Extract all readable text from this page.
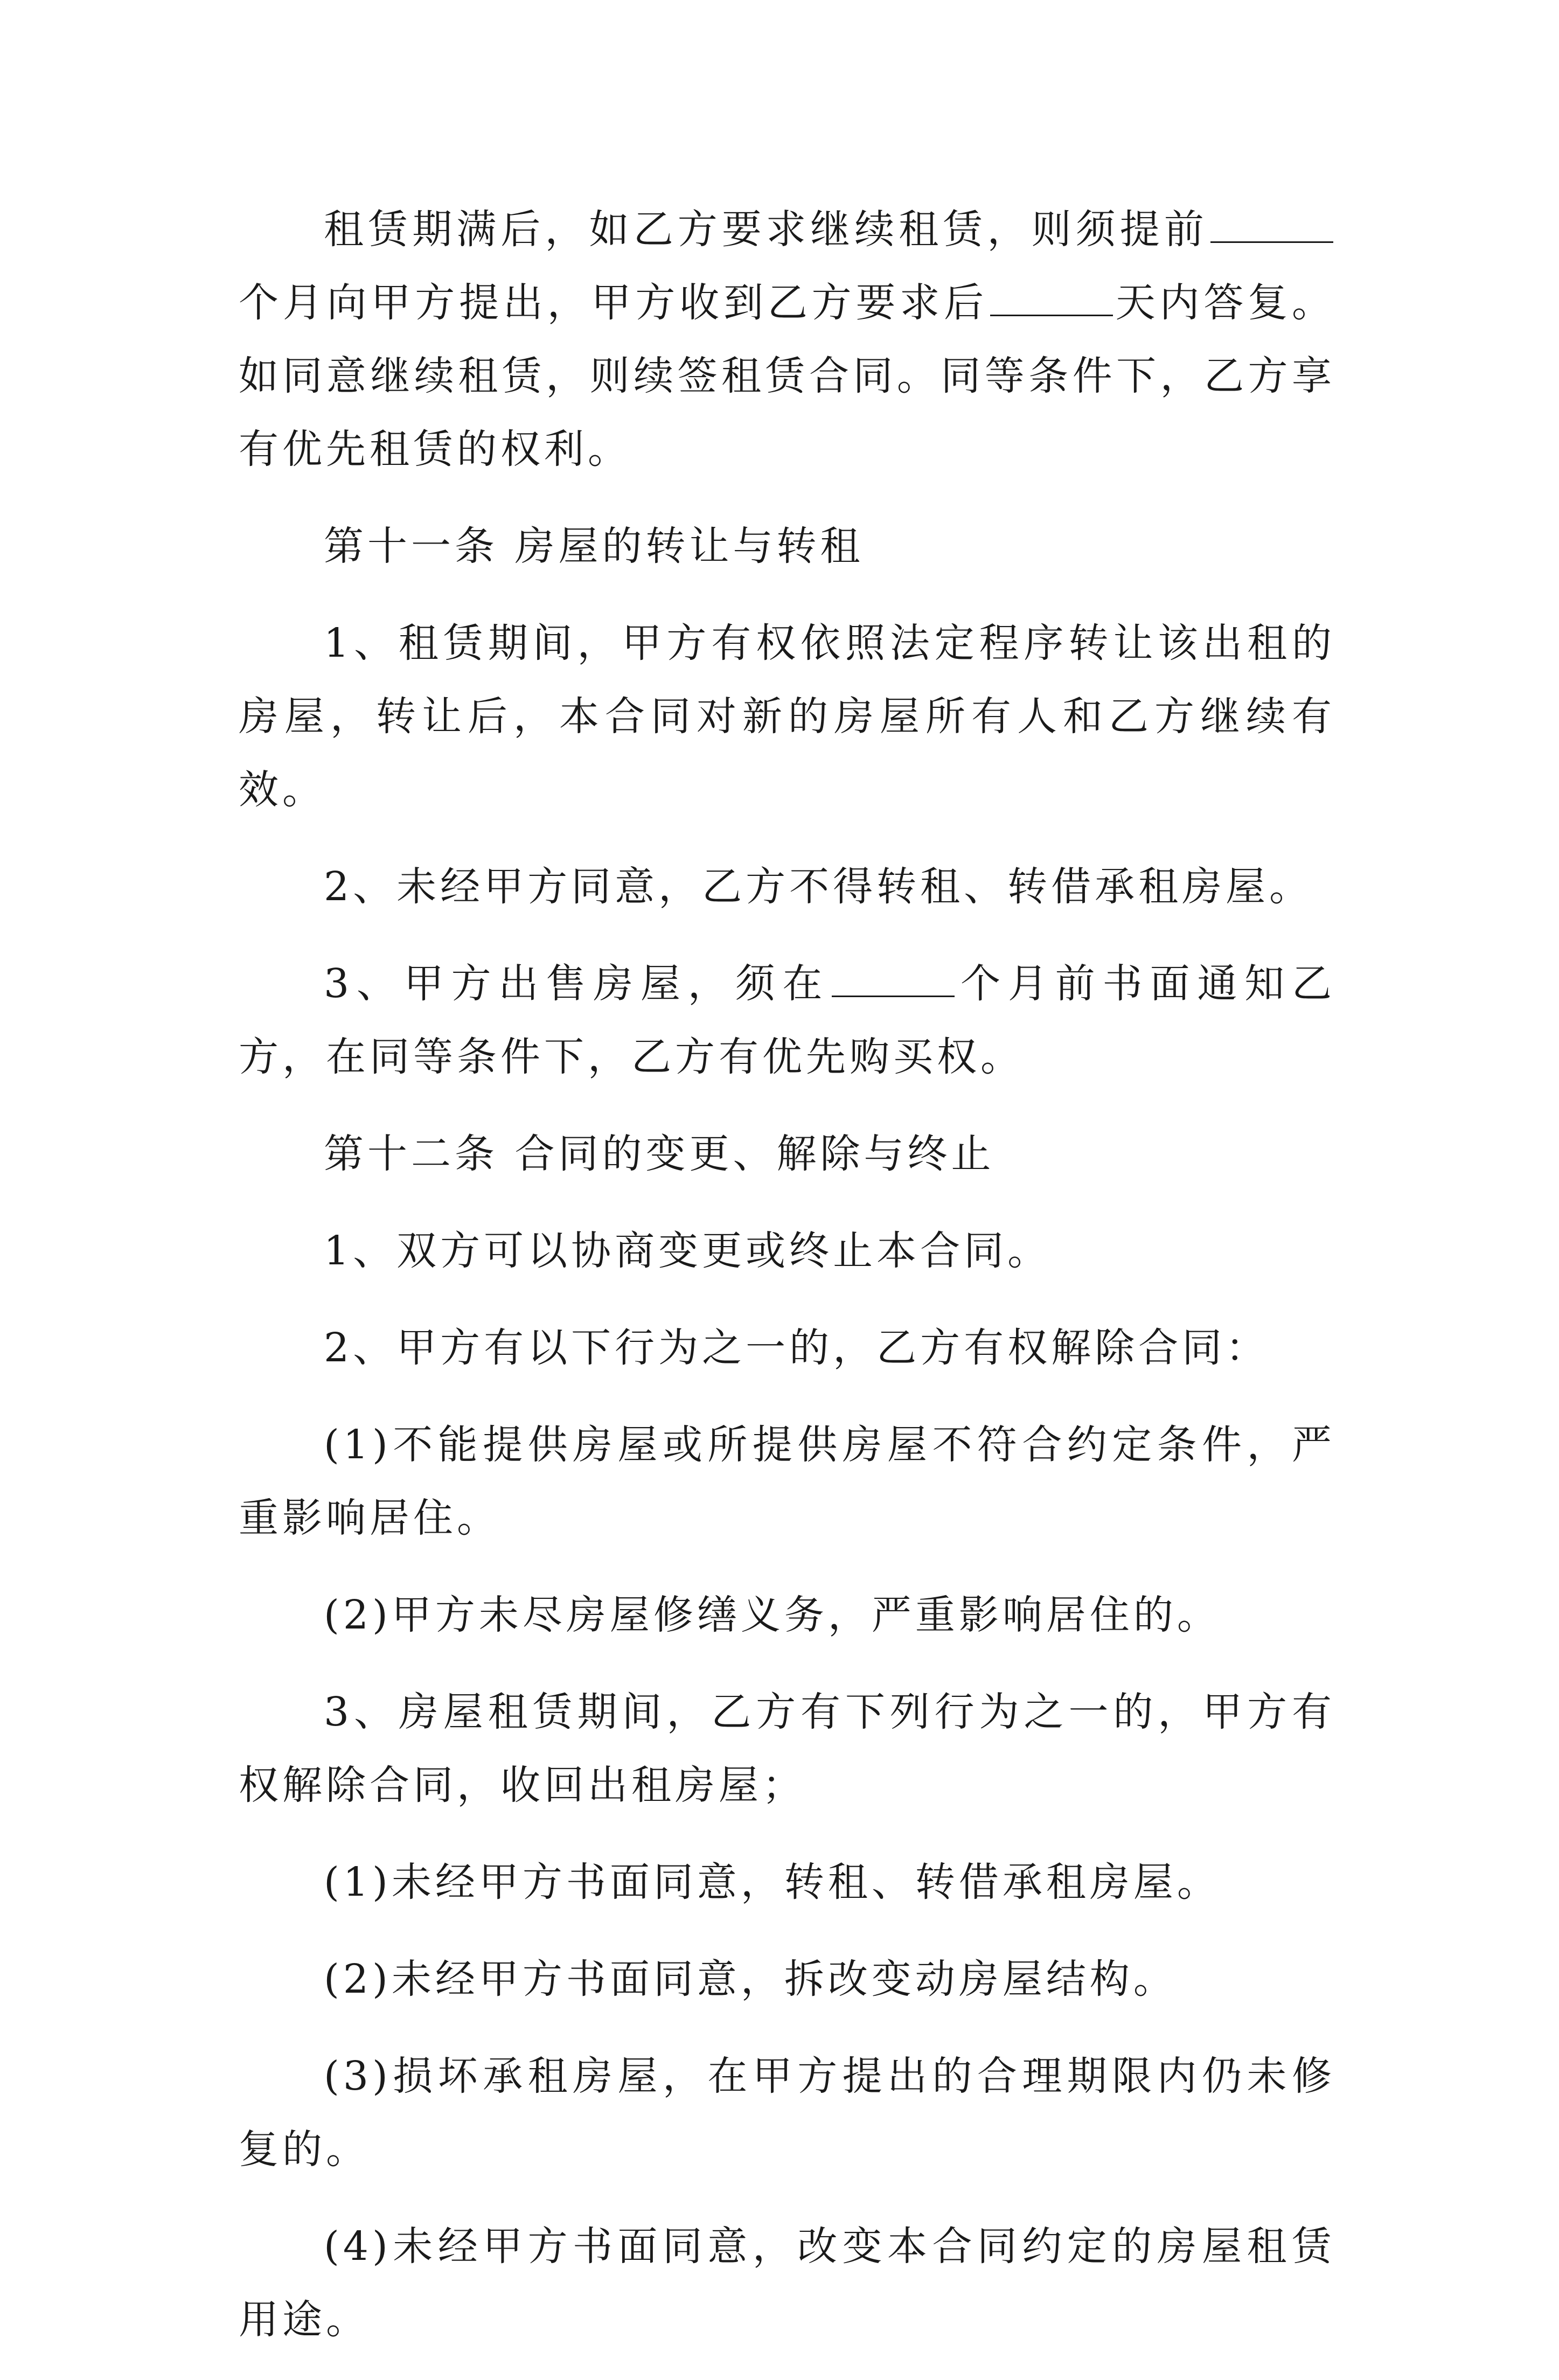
租赁期满后，如乙方要求继续租赁，则须提前个月向甲方提出，甲方收到乙方要求后	天内答复。如同意继续租赁，则续签租赁合同。同等条件下，乙方享有优先租赁的权利。

第十一条 房屋的转让与转租

1、租赁期间，甲方有权依照法定程序转让该出租的房屋，转让后，本合同对新的房屋所有人和乙方继续有效。

2、未经甲方同意，乙方不得转租、转借承租房屋。

3、甲方出售房屋，须在	个月前书面通知乙方，在同等条件下，乙方有优先购买权。

第十二条 合同的变更、解除与终止

1、双方可以协商变更或终止本合同。

2、甲方有以下行为之一的，乙方有权解除合同：

(1)不能提供房屋或所提供房屋不符合约定条件，严重影响居住。

(2)甲方未尽房屋修缮义务，严重影响居住的。

3、房屋租赁期间，乙方有下列行为之一的，甲方有权解除合同，收回出租房屋；

(1)未经甲方书面同意，转租、转借承租房屋。

(2)未经甲方书面同意，拆改变动房屋结构。

(3)损坏承租房屋，在甲方提出的合理期限内仍未修复的。

(4)未经甲方书面同意，改变本合同约定的房屋租赁用途。
